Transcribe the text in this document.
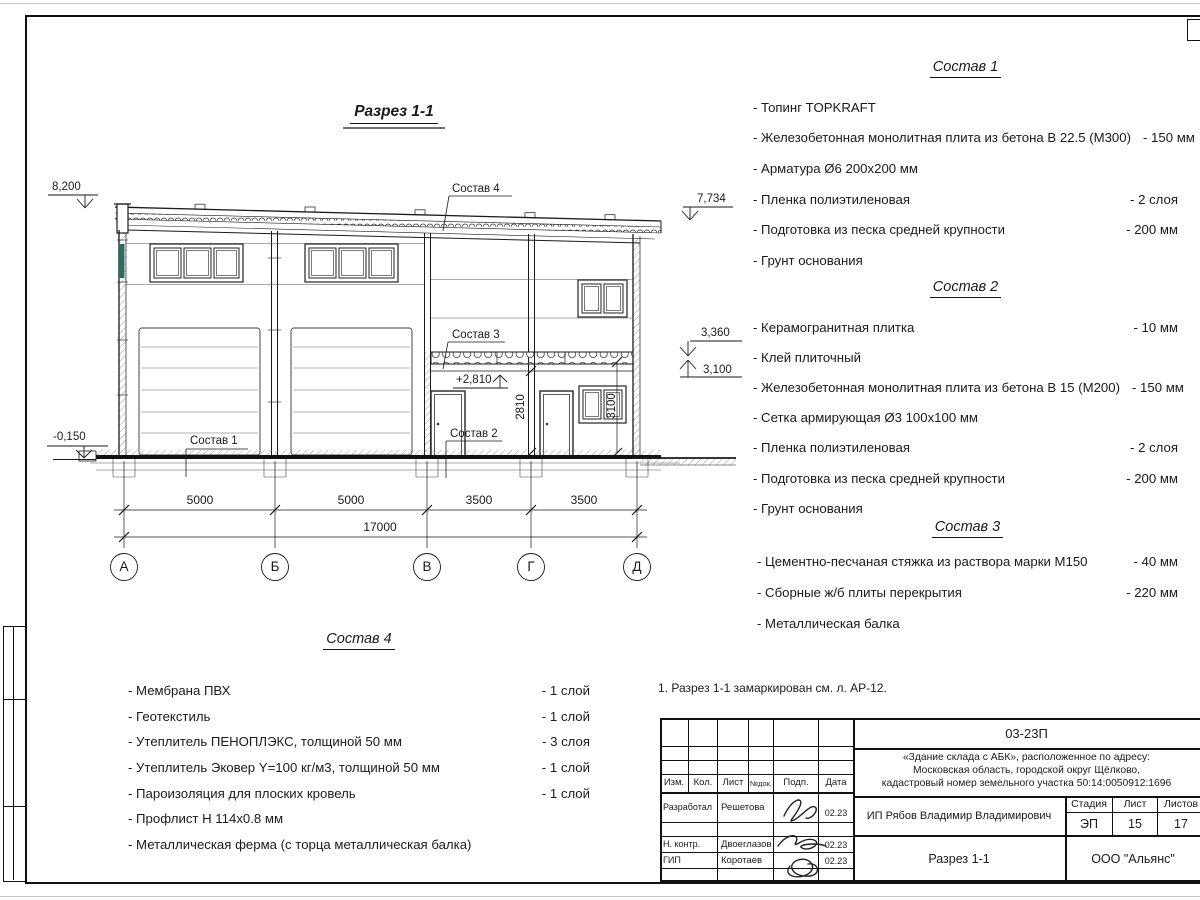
Разрез 1-1
8,200
7,734
3,360
3,100
-0,150
+2,810
Состав 4
Состав 3
Состав 1
Состав 2
2810	3100
5000	5000	3500	3500
17000
А	Б	В	Г	Д
Состав 1
- Топинг TOPKRAFT
- Железобетонная монолитная плита из бетона В 22.5 (М300) - 150 мм
- Арматура Ø6 200х200 мм
- Пленка полиэтиленовая	- 2 слоя
- Подготовка из песка средней крупности	- 200 мм
- Грунт основания
Состав 2
- Керамогранитная плитка	- 10 мм
- Клей плиточный
- Железобетонная монолитная плита из бетона В 15 (М200) - 150 мм
- Сетка армирующая Ø3 100х100 мм
- Пленка полиэтиленовая	- 2 слоя
- Подготовка из песка средней крупности	- 200 мм
- Грунт основания
Состав 3
- Цементно-песчаная стяжка из раствора марки М150	- 40 мм
- Сборные ж/б плиты перекрытия	- 220 мм
- Металлическая балка
Состав 4
- Мембрана ПВХ	- 1 слой
- Геотекстиль	- 1 слой
- Утеплитель ПЕНОПЛЭКС, толщиной 50 мм	- 3 слоя
- Утеплитель Эковер Y=100 кг/м3, толщиной 50 мм	- 1 слой
- Пароизоляция для плоских кровель	- 1 слой
- Профлист Н 114х0.8 мм
- Металлическая ферма (с торца металлическая балка)
1. Разрез 1-1 замаркирован см. л. АР-12.
Изм. Кол.	Лист №док.	Подп.	Дата
Разработал Решетова	02.23
Н. контр. Двоеглазов	02.23
ГИП	Коротаев	02.23
03-23П
«Здание склада с АБК», расположенное по адресу:
Московская область, городской округ Щёлково,
кадастровый номер земельного участка 50:14:0050912:1696
ИП Рябов Владимир Владимирович
Стадия	Лист	Листов
ЭП	15	17
Разрез 1-1	ООО "Альянс"
